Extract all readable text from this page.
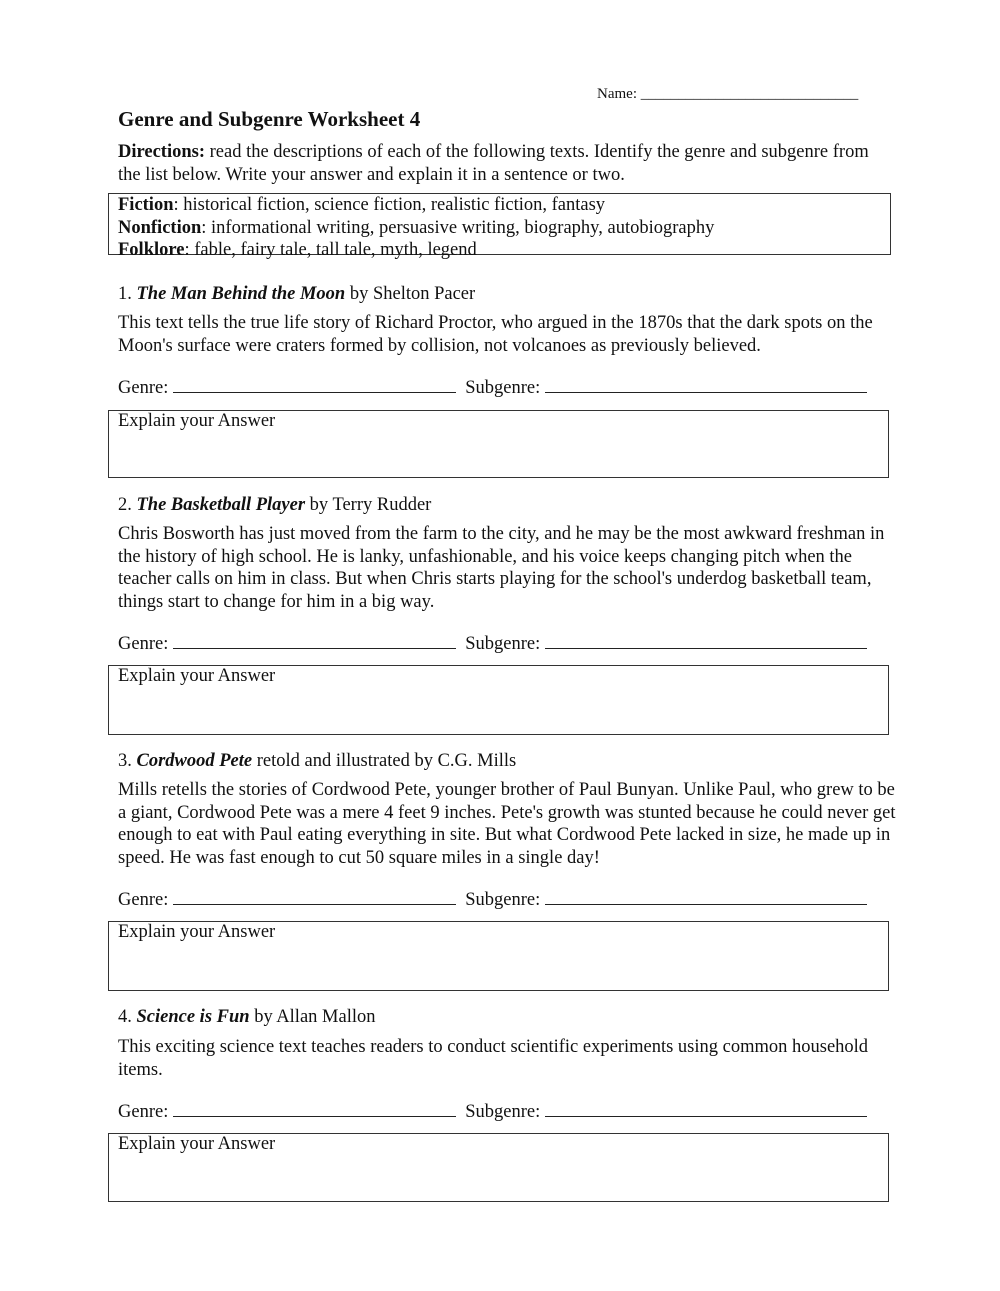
Name: _____________________________
Genre and Subgenre Worksheet 4
Directions: read the descriptions of each of the following texts. Identify the genre and subgenre from the list below. Write your answer and explain it in a sentence or two.
Fiction: historical fiction, science fiction, realistic fiction, fantasy
Nonfiction: informational writing, persuasive writing, biography, autobiography
Folklore: fable, fairy tale, tall tale, myth, legend
1. The Man Behind the Moon by Shelton Pacer
This text tells the true life story of Richard Proctor, who argued in the 1870s that the dark spots on the Moon's surface were craters formed by collision, not volcanoes as previously believed.
Genre:	Subgenre:
Explain your Answer
2. The Basketball Player by Terry Rudder
Chris Bosworth has just moved from the farm to the city, and he may be the most awkward freshman in the history of high school. He is lanky, unfashionable, and his voice keeps changing pitch when the teacher calls on him in class. But when Chris starts playing for the school's underdog basketball team, things start to change for him in a big way.
Genre:	Subgenre:
Explain your Answer
3. Cordwood Pete retold and illustrated by C.G. Mills
Mills retells the stories of Cordwood Pete, younger brother of Paul Bunyan. Unlike Paul, who grew to be a giant, Cordwood Pete was a mere 4 feet 9 inches. Pete's growth was stunted because he could never get enough to eat with Paul eating everything in site. But what Cordwood Pete lacked in size, he made up in speed. He was fast enough to cut 50 square miles in a single day!
Genre:	Subgenre:
Explain your Answer
4. Science is Fun by Allan Mallon
This exciting science text teaches readers to conduct scientific experiments using common household items.
Genre:	Subgenre:
Explain your Answer
